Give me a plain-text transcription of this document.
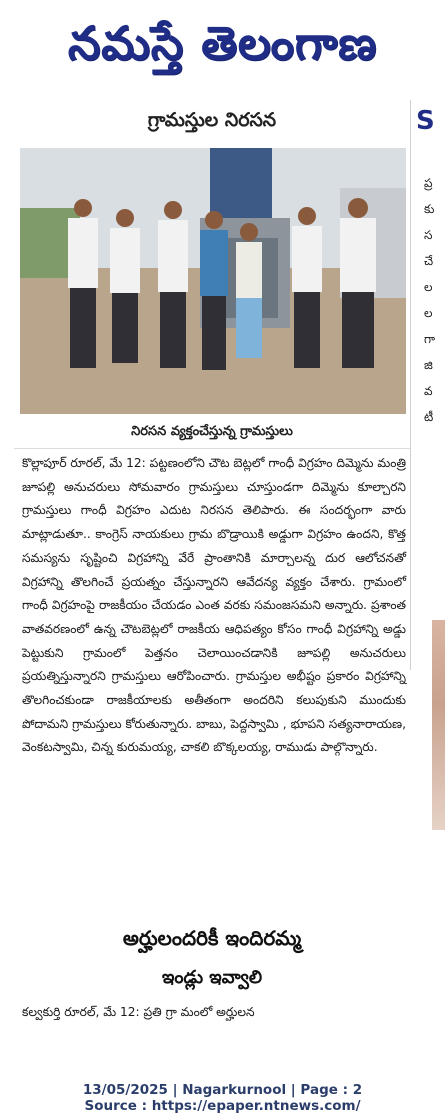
నమస్తే తెలంగాణ
గ్రామస్తుల నిరసన
నిరసన వ్యక్తంచేస్తున్న గ్రామస్తులు
కొల్లాపూర్ రూరల్, మే 12: పట్టణంలోని చౌట బెట్లలో గాంధీ విగ్రహం దిమ్మెను మంత్రి జూపల్లి అనుచరులు సోమవారం గ్రామస్తులు చూస్తుండగా దిమ్మెను కూల్చారని గ్రామస్తులు గాంధీ విగ్రహం ఎదుట నిరసన తెలిపారు. ఈ సందర్భంగా వారు మాట్లాడుతూ.. కాంగ్రెస్ నాయకులు గ్రామ బొడ్రాయికి అడ్డుగా విగ్రహం ఉందని, కొత్త సమస్యను సృష్టించి విగ్రహాన్ని వేరే ప్రాంతానికి మార్చాలన్న దుర ఆలోచనతో విగ్రహాన్ని తొలగించే ప్రయత్నం చేస్తున్నారని ఆవేదన్య వ్యక్తం చేశారు. గ్రామంలో గాంధీ విగ్రహంపై రాజకీయం చేయడం ఎంత వరకు సమంజసమని అన్నారు. ప్రశాంత వాతవరణంలో ఉన్న చౌటబెట్లలో రాజకీయ ఆధిపత్యం కోసం గాంధీ విగ్రహాన్ని అడ్డు పెట్టుకుని గ్రామంలో పెత్తనం చెలాయించడానికి జూపల్లి అనుచరులు ప్రయత్నిస్తున్నారని గ్రామస్తులు ఆరోపించారు. గ్రామస్తుల అభీష్టం ప్రకారం విగ్రహాన్ని తొలగించకుండా రాజకీయాలకు అతీతంగా అందరిని కలుపుకుని ముందుకు పోదామని గ్రామస్తులు కోరుతున్నారు. బాబు, పెద్దస్వామి , భూపని సత్యనారాయణ, వెంకటస్వామి, చిన్న కురుమయ్య, చాకలి బొక్కలయ్య, రాముడు పాల్గొన్నారు.
అర్హులందరికీ ఇందిరమ్మ
ఇండ్లు ఇవ్వాలి
కల్వకుర్తి రూరల్, మే 12: ప్రతి గ్రా మంలో అర్హులన
S
ప్ర
కు
స
చే
ల
ల
గా
జి
వ
టీ
13/05/2025 | Nagarkurnool | Page : 2
Source : https://epaper.ntnews.com/
